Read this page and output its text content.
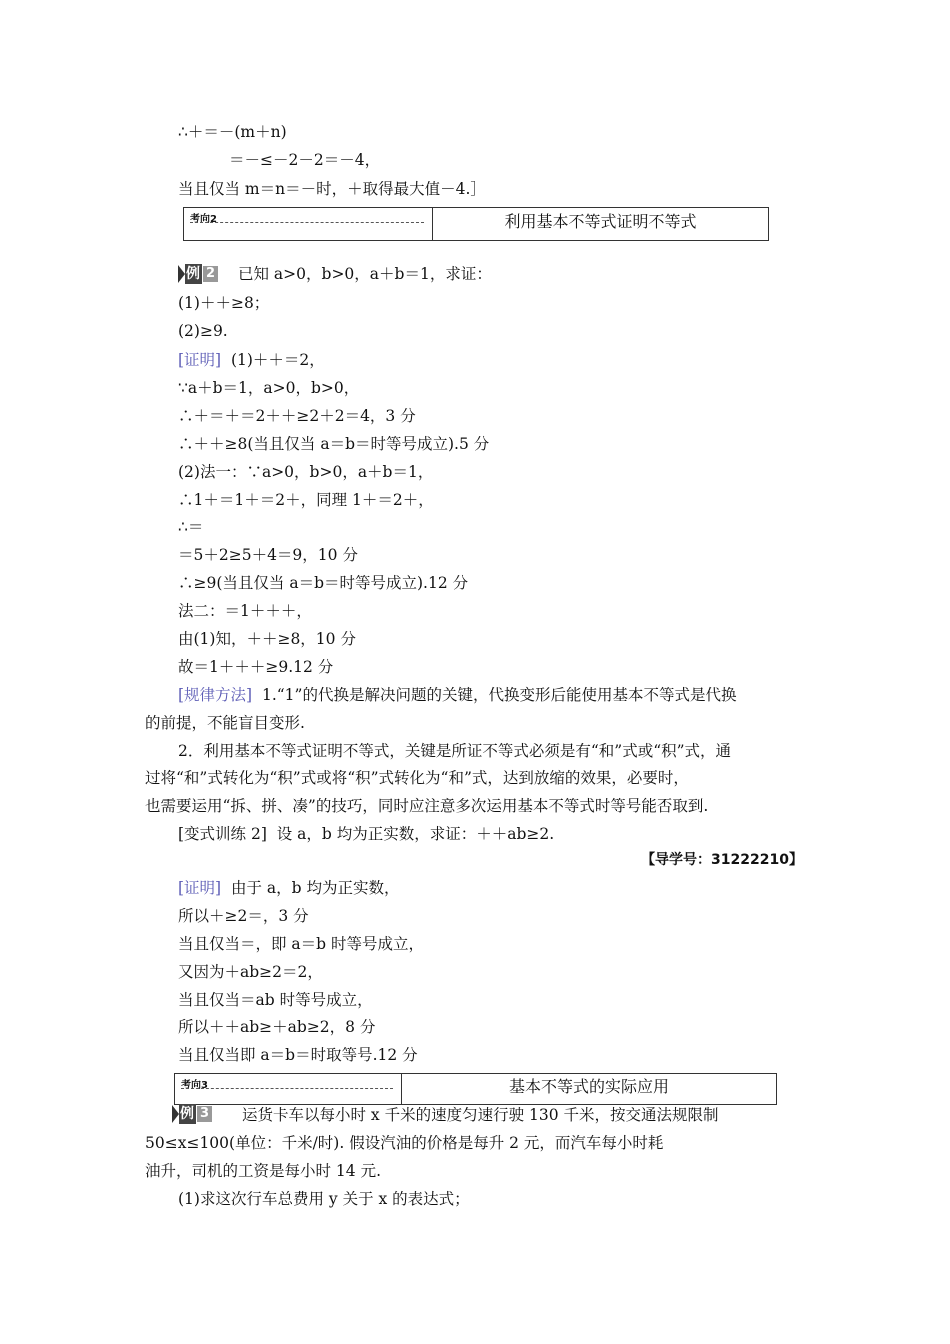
∴＋＝－(m＋n)
＝－≤－2－2＝－4，
当且仅当 m＝n＝－时，＋取得最大值－4.］
考向2	利用基本不等式证明不等式
例 2 已知 a>0，b>0，a＋b＝1，求证：
(1)＋＋≥8；
(2)≥9.
[证明] (1)＋＋＝2，
∵a＋b＝1，a>0，b>0，
∴＋＝＋＝2＋＋≥2＋2＝4，3 分
∴＋＋≥8(当且仅当 a＝b＝时等号成立).5 分
(2)法一：∵a>0，b>0，a＋b＝1，
∴1＋＝1＋＝2＋，同理 1＋＝2＋，
∴＝
＝5＋2≥5＋4＝9，10 分
∴≥9(当且仅当 a＝b＝时等号成立).12 分
法二：＝1＋＋＋，
由(1)知，＋＋≥8，10 分
故＝1＋＋＋≥9.12 分
[规律方法] 1.“1”的代换是解决问题的关键，代换变形后能使用基本不等式是代换
的前提，不能盲目变形.
2．利用基本不等式证明不等式，关键是所证不等式必须是有“和”式或“积”式，通
过将“和”式转化为“积”式或将“积”式转化为“和”式，达到放缩的效果，必要时，
也需要运用“拆、拼、凑”的技巧，同时应注意多次运用基本不等式时等号能否取到.
[变式训练 2] 设 a，b 均为正实数，求证：＋＋ab≥2.
【导学号：31222210】
[证明] 由于 a，b 均为正实数，
所以＋≥2＝，3 分
当且仅当＝，即 a＝b 时等号成立，
又因为＋ab≥2＝2，
当且仅当＝ab 时等号成立，
所以＋＋ab≥＋ab≥2，8 分
当且仅当即 a＝b＝时取等号.12 分
考向3	基本不等式的实际应用
例 3 运货卡车以每小时 x 千米的速度匀速行驶 130 千米，按交通法规限制
50≤x≤100(单位：千米/时). 假设汽油的价格是每升 2 元，而汽车每小时耗
油升，司机的工资是每小时 14 元.
(1)求这次行车总费用 y 关于 x 的表达式；
